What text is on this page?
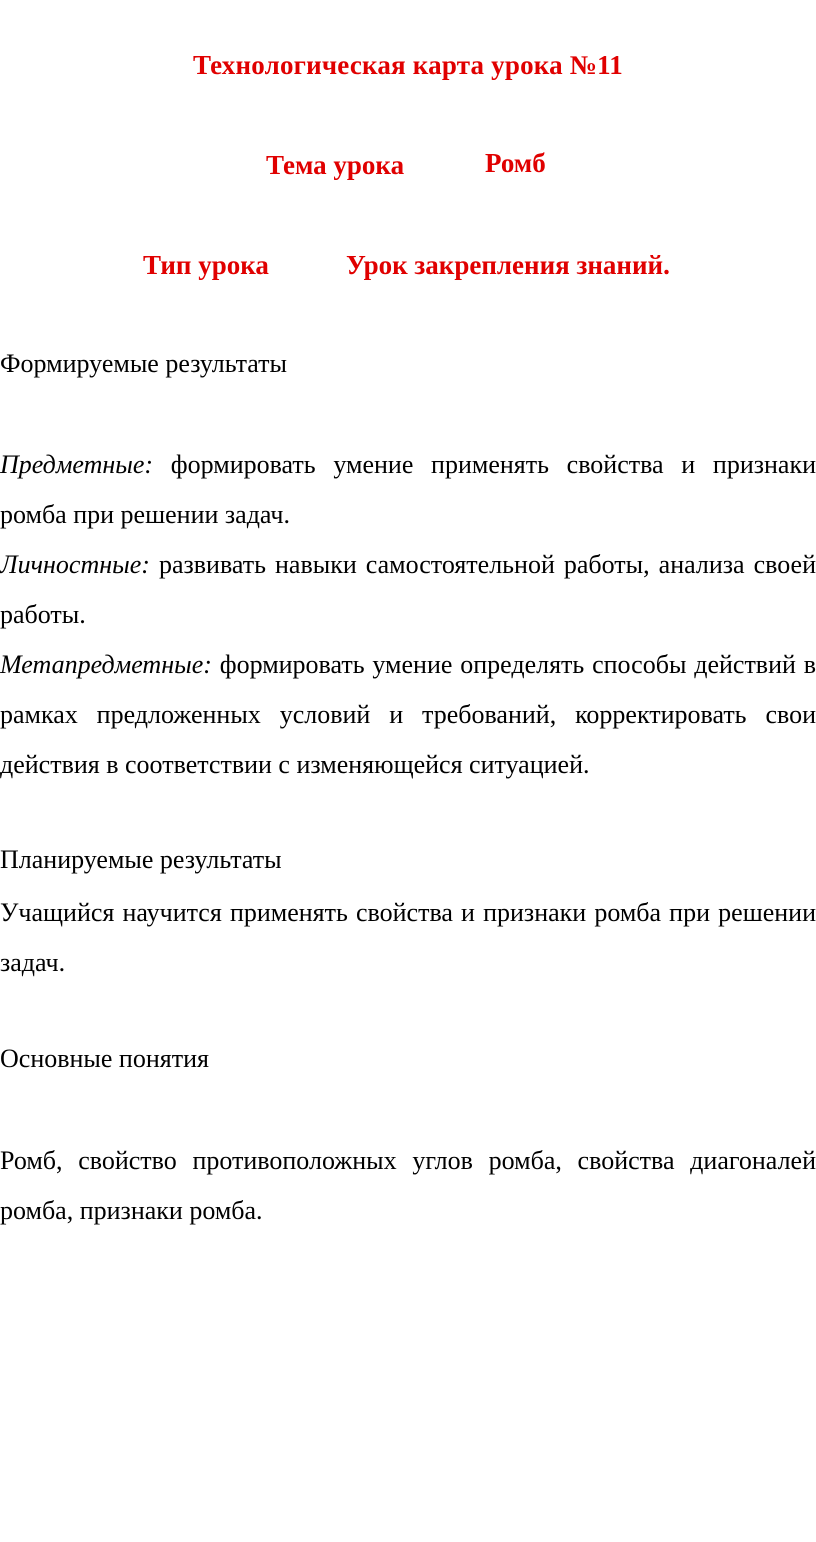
Технологическая карта урока №11
Тема урока	Ромб
Тип урока	Урок закрепления знаний.
Формируемые результаты
Предметные: формировать умение применять свойства и признаки ромба при решении задач.
Личностные: развивать навыки самостоятельной работы, анализа своей работы.
Метапредметные: формировать умение определять способы действий в рамках предложенных условий и требований, корректировать свои действия в соответствии с изменяющейся ситуацией.
Планируемые результаты
Учащийся научится применять свойства и признаки ромба при решении задач.
Основные понятия
Ромб, свойство противоположных углов ромба, свойства диагоналей ромба, признаки ромба.
